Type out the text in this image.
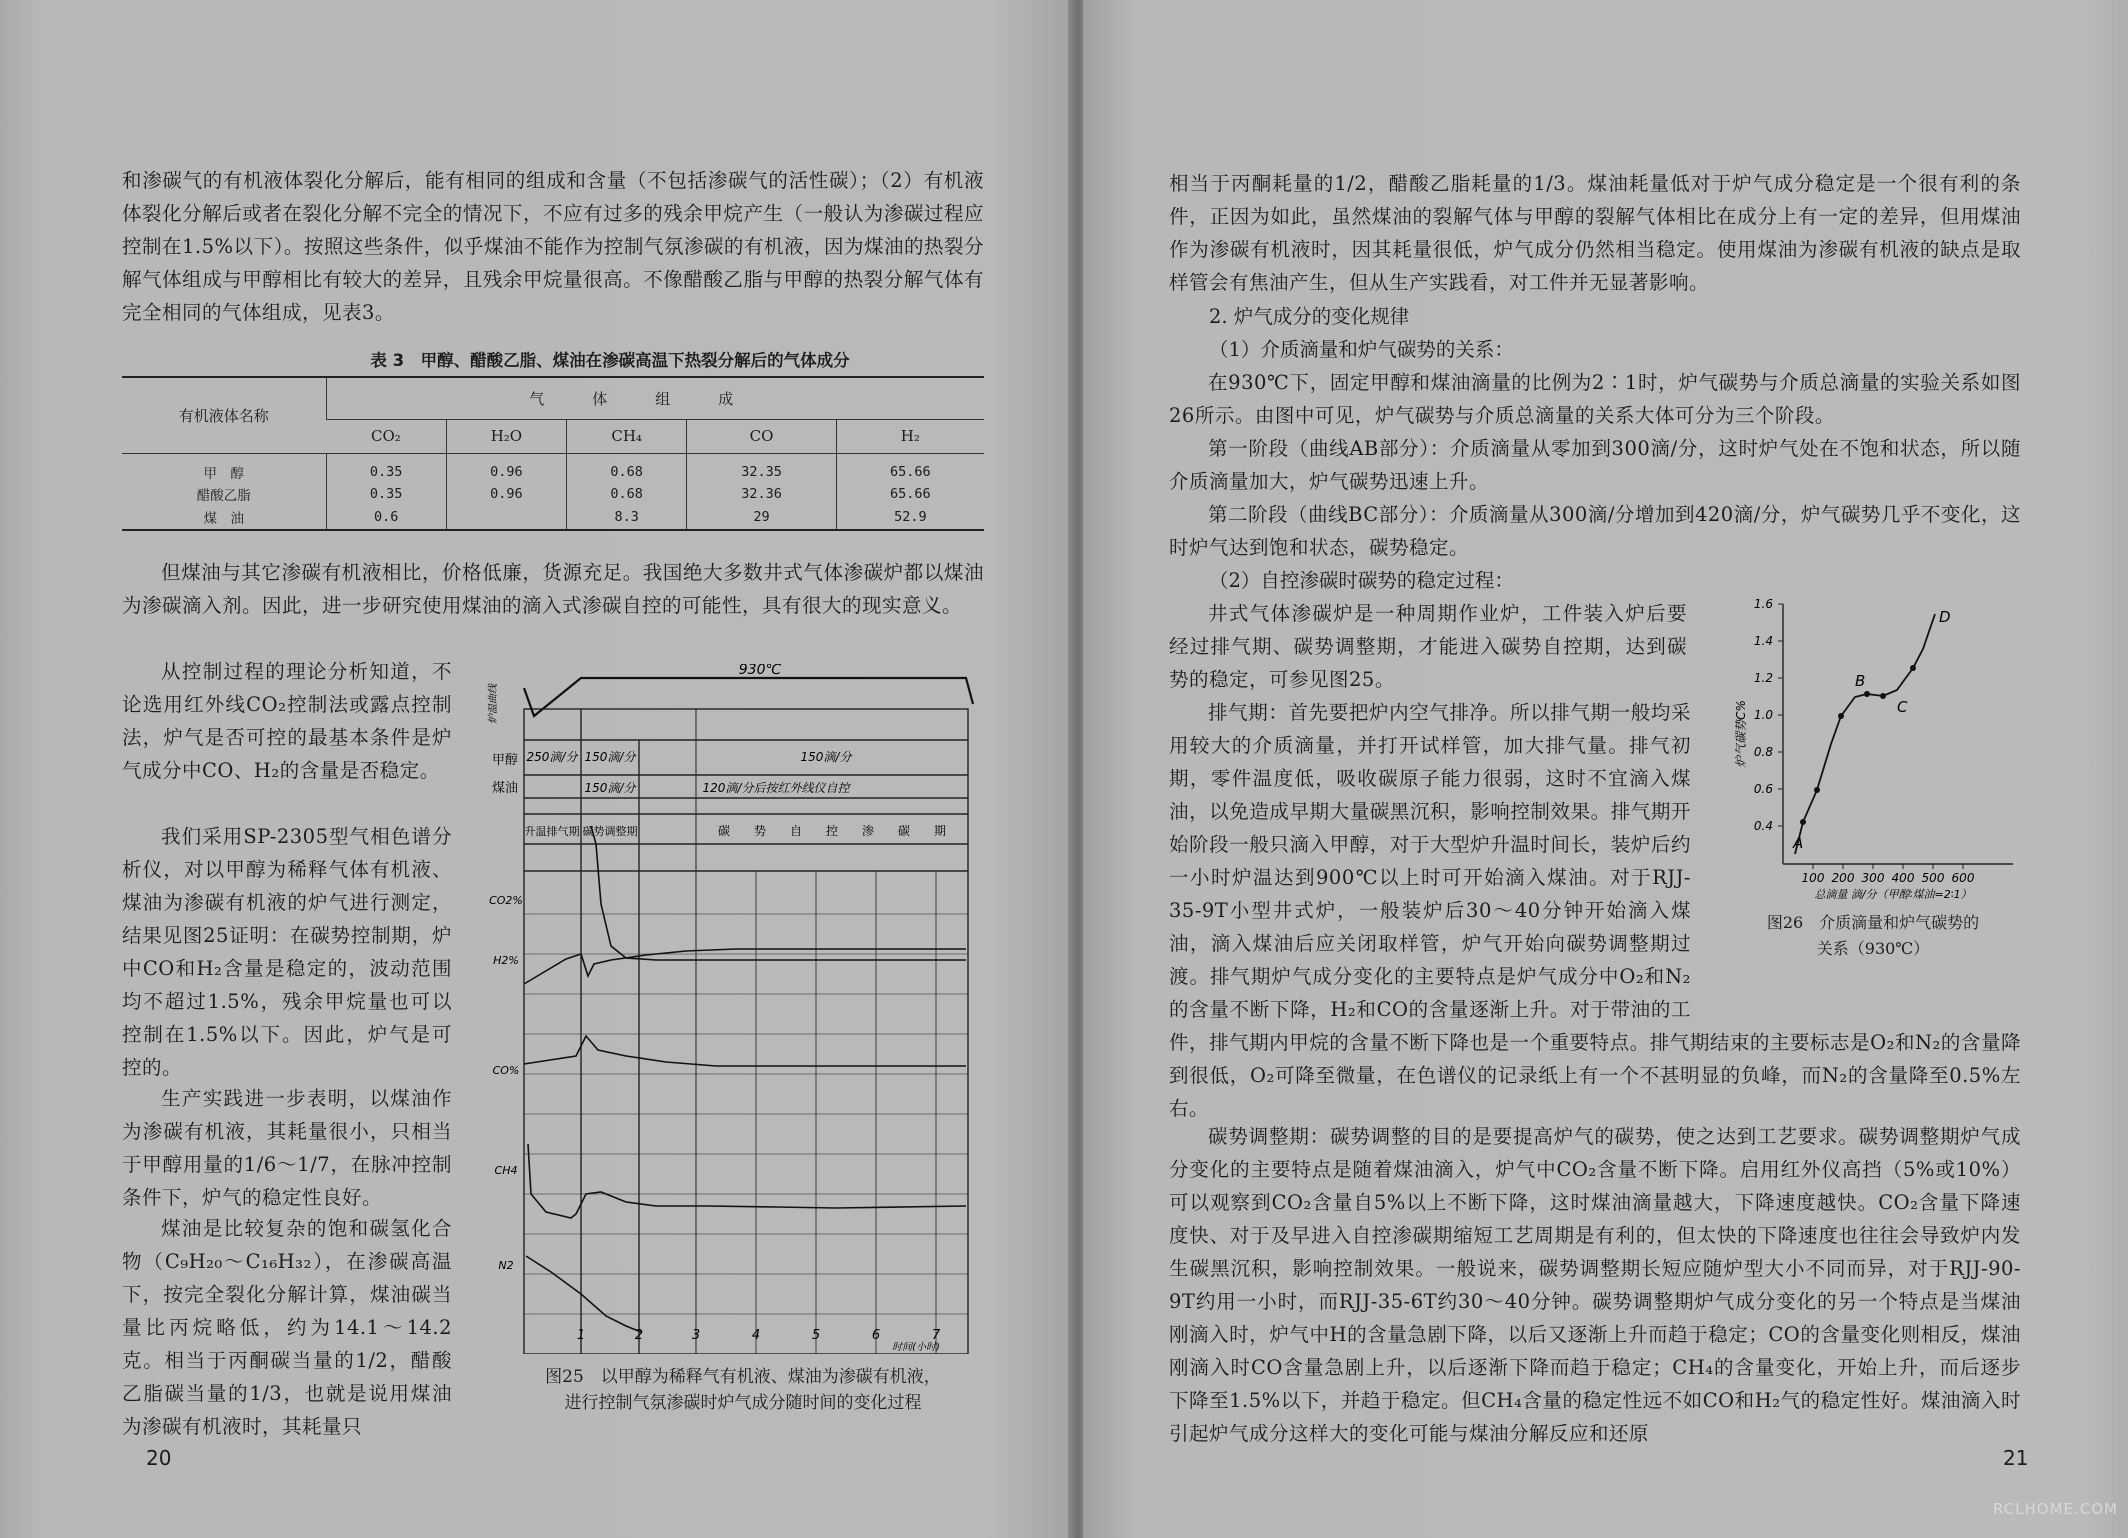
和渗碳气的有机液体裂化分解后，能有相同的组成和含量（不包括渗碳气的活性碳）；（2）有机液体裂化分解后或者在裂化分解不完全的情况下，不应有过多的残余甲烷产生（一般认为渗碳过程应控制在1.5%以下）。按照这些条件，似乎煤油不能作为控制气氛渗碳的有机液，因为煤油的热裂分解气体组成与甲醇相比有较大的差异，且残余甲烷量很高。不像醋酸乙脂与甲醇的热裂分解气体有完全相同的气体组成，见表3。
表 3　甲醇、醋酸乙脂、煤油在渗碳高温下热裂分解后的气体成分
有机液体名称	气体组成				
	CO₂	H₂O	CH₄	CO	H₂
甲　醇	0.35	0.96	0.68	32.35	65.66
醋酸乙脂	0.35	0.96	0.68	32.36	65.66
煤　油	0.6		8.3	29	52.9
但煤油与其它渗碳有机液相比，价格低廉，货源充足。我国绝大多数井式气体渗碳炉都以煤油为渗碳滴入剂。因此，进一步研究使用煤油的滴入式渗碳自控的可能性，具有很大的现实意义。
从控制过程的理论分析知道，不论选用红外线CO₂控制法或露点控制法，炉气是否可控的最基本条件是炉气成分中CO、H₂的含量是否稳定。
我们采用SP-2305型气相色谱分析仪，对以甲醇为稀释气体有机液、煤油为渗碳有机液的炉气进行测定，结果见图25证明：在碳势控制期，炉中CO和H₂含量是稳定的，波动范围均不超过1.5%，残余甲烷量也可以控制在1.5%以下。因此，炉气是可控的。
生产实践进一步表明，以煤油作为渗碳有机液，其耗量很小，只相当于甲醇用量的1/6～1/7，在脉冲控制条件下，炉气的稳定性良好。
煤油是比较复杂的饱和碳氢化合物（C₉H₂₀～C₁₆H₃₂），在渗碳高温下，按完全裂化分解计算，煤油碳当量比丙烷略低，约为14.1～14.2克。相当于丙酮碳当量的1/2，醋酸乙脂碳当量的1/3，也就是说用煤油为渗碳有机液时，其耗量只
930℃
甲醇
煤油
250滴/分 150滴/分	150滴/分
150滴/分	120滴/分后按红外线仪自控
升温排气期 碳势调整期	碳　　势　　自　　控　　渗　　碳　　期
CO2%
H2%
CO%
CH4
N2
炉温曲线
1	2	3	4	5	6	7
时间(小时)
图25　以甲醇为稀释气有机液、煤油为渗碳有机液，
进行控制气氛渗碳时炉气成分随时间的变化过程
20
相当于丙酮耗量的1/2，醋酸乙脂耗量的1/3。煤油耗量低对于炉气成分稳定是一个很有利的条件，正因为如此，虽然煤油的裂解气体与甲醇的裂解气体相比在成分上有一定的差异，但用煤油作为渗碳有机液时，因其耗量很低，炉气成分仍然相当稳定。使用煤油为渗碳有机液的缺点是取样管会有焦油产生，但从生产实践看，对工件并无显著影响。
2. 炉气成分的变化规律
（1）介质滴量和炉气碳势的关系：
在930℃下，固定甲醇和煤油滴量的比例为2∶1时，炉气碳势与介质总滴量的实验关系如图26所示。由图中可见，炉气碳势与介质总滴量的关系大体可分为三个阶段。
第一阶段（曲线AB部分）：介质滴量从零加到300滴/分，这时炉气处在不饱和状态，所以随介质滴量加大，炉气碳势迅速上升。
第二阶段（曲线BC部分）：介质滴量从300滴/分增加到420滴/分，炉气碳势几乎不变化，这时炉气达到饱和状态，碳势稳定。
（2）自控渗碳时碳势的稳定过程：
井式气体渗碳炉是一种周期作业炉，工件装入炉后要经过排气期、碳势调整期，才能进入碳势自控期，达到碳势的稳定，可参见图25。
排气期：首先要把炉内空气排净。所以排气期一般均采用较大的介质滴量，并打开试样管，加大排气量。排气初期，零件温度低，吸收碳原子能力很弱，这时不宜滴入煤油，以免造成早期大量碳黑沉积，影响控制效果。排气期开始阶段一般只滴入甲醇，对于大型炉升温时间长，装炉后约一小时炉温达到900℃以上时可开始滴入煤油。对于RJJ-35-9T小型井式炉，一般装炉后30～40分钟开始滴入煤油，滴入煤油后应关闭取样管，炉气开始向碳势调整期过渡。排气期炉气成分变化的主要特点是炉气成分中O₂和N₂的含量不断下降，H₂和CO的含量逐渐上升。对于带油的工件，排气期内甲烷的含量不断下降也是一个重要特点。排气期结束的主要标志是O₂和N₂的含量降到很低，O₂可降至微量，在色谱仪的记录纸上有一个不甚明显的负峰，而N₂的含量降至0.5%左右。
碳势调整期：碳势调整的目的是要提高炉气的碳势，使之达到工艺要求。碳势调整期炉气成分变化的主要特点是随着煤油滴入，炉气中CO₂含量不断下降。启用红外仪高挡（5%或10%）可以观察到CO₂含量自5%以上不断下降，这时煤油滴量越大，下降速度越快。CO₂含量下降速度快、对于及早进入自控渗碳期缩短工艺周期是有利的，但太快的下降速度也往往会导致炉内发生碳黑沉积，影响控制效果。一般说来，碳势调整期长短应随炉型大小不同而异，对于RJJ-90-9T约用一小时，而RJJ-35-6T约30～40分钟。碳势调整期炉气成分变化的另一个特点是当煤油刚滴入时，炉气中H的含量急剧下降，以后又逐渐上升而趋于稳定；CO的含量变化则相反，煤油刚滴入时CO含量急剧上升，以后逐渐下降而趋于稳定；CH₄的含量变化，开始上升，而后逐步下降至1.5%以下，并趋于稳定。但CH₄含量的稳定性远不如CO和H₂气的稳定性好。煤油滴入时引起炉气成分这样大的变化可能与煤油分解反应和还原
0.4
0.6
0.8
1.0
1.2
1.4
1.6
100 200 300 400 500 600
总滴量 滴/分（甲醇∶煤油=2∶1）
炉气碳势C%
A
B
C
D
图26　介质滴量和炉气碳势的
关系（930℃）
21
RCLHOME.COM
